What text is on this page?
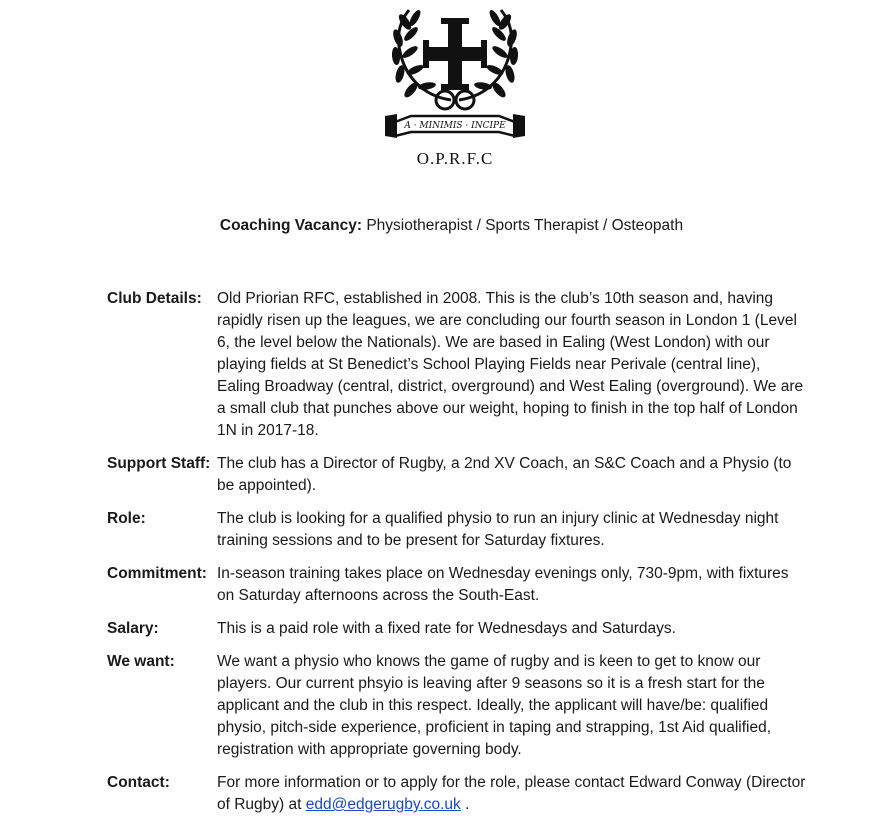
A · MINIMIS · INCIPE
O.P.R.F.C
Coaching Vacancy: Physiotherapist / Sports Therapist / Osteopath
Club Details: Old Priorian RFC, established in 2008. This is the club’s 10th season and, having rapidly risen up the leagues, we are concluding our fourth season in London 1 (Level 6, the level below the Nationals). We are based in Ealing (West London) with our playing fields at St Benedict’s School Playing Fields near Perivale (central line), Ealing Broadway (central, district, overground) and West Ealing (overground). We are a small club that punches above our weight, hoping to finish in the top half of London 1N in 2017-18.
Support Staff: The club has a Director of Rugby, a 2nd XV Coach, an S&C Coach and a Physio (to be appointed).
Role:	The club is looking for a qualified physio to run an injury clinic at Wednesday night training sessions and to be present for Saturday fixtures.
Commitment: In-season training takes place on Wednesday evenings only, 730-9pm, with fixtures on Saturday afternoons across the South-East.
Salary:	This is a paid role with a fixed rate for Wednesdays and Saturdays.
We want:	We want a physio who knows the game of rugby and is keen to get to know our players. Our current phsyio is leaving after 9 seasons so it is a fresh start for the applicant and the club in this respect. Ideally, the applicant will have/be: qualified physio, pitch-side experience, proficient in taping and strapping, 1st Aid qualified, registration with appropriate governing body.
Contact:	For more information or to apply for the role, please contact Edward Conway (Director of Rugby) at edd@edgerugby.co.uk .
